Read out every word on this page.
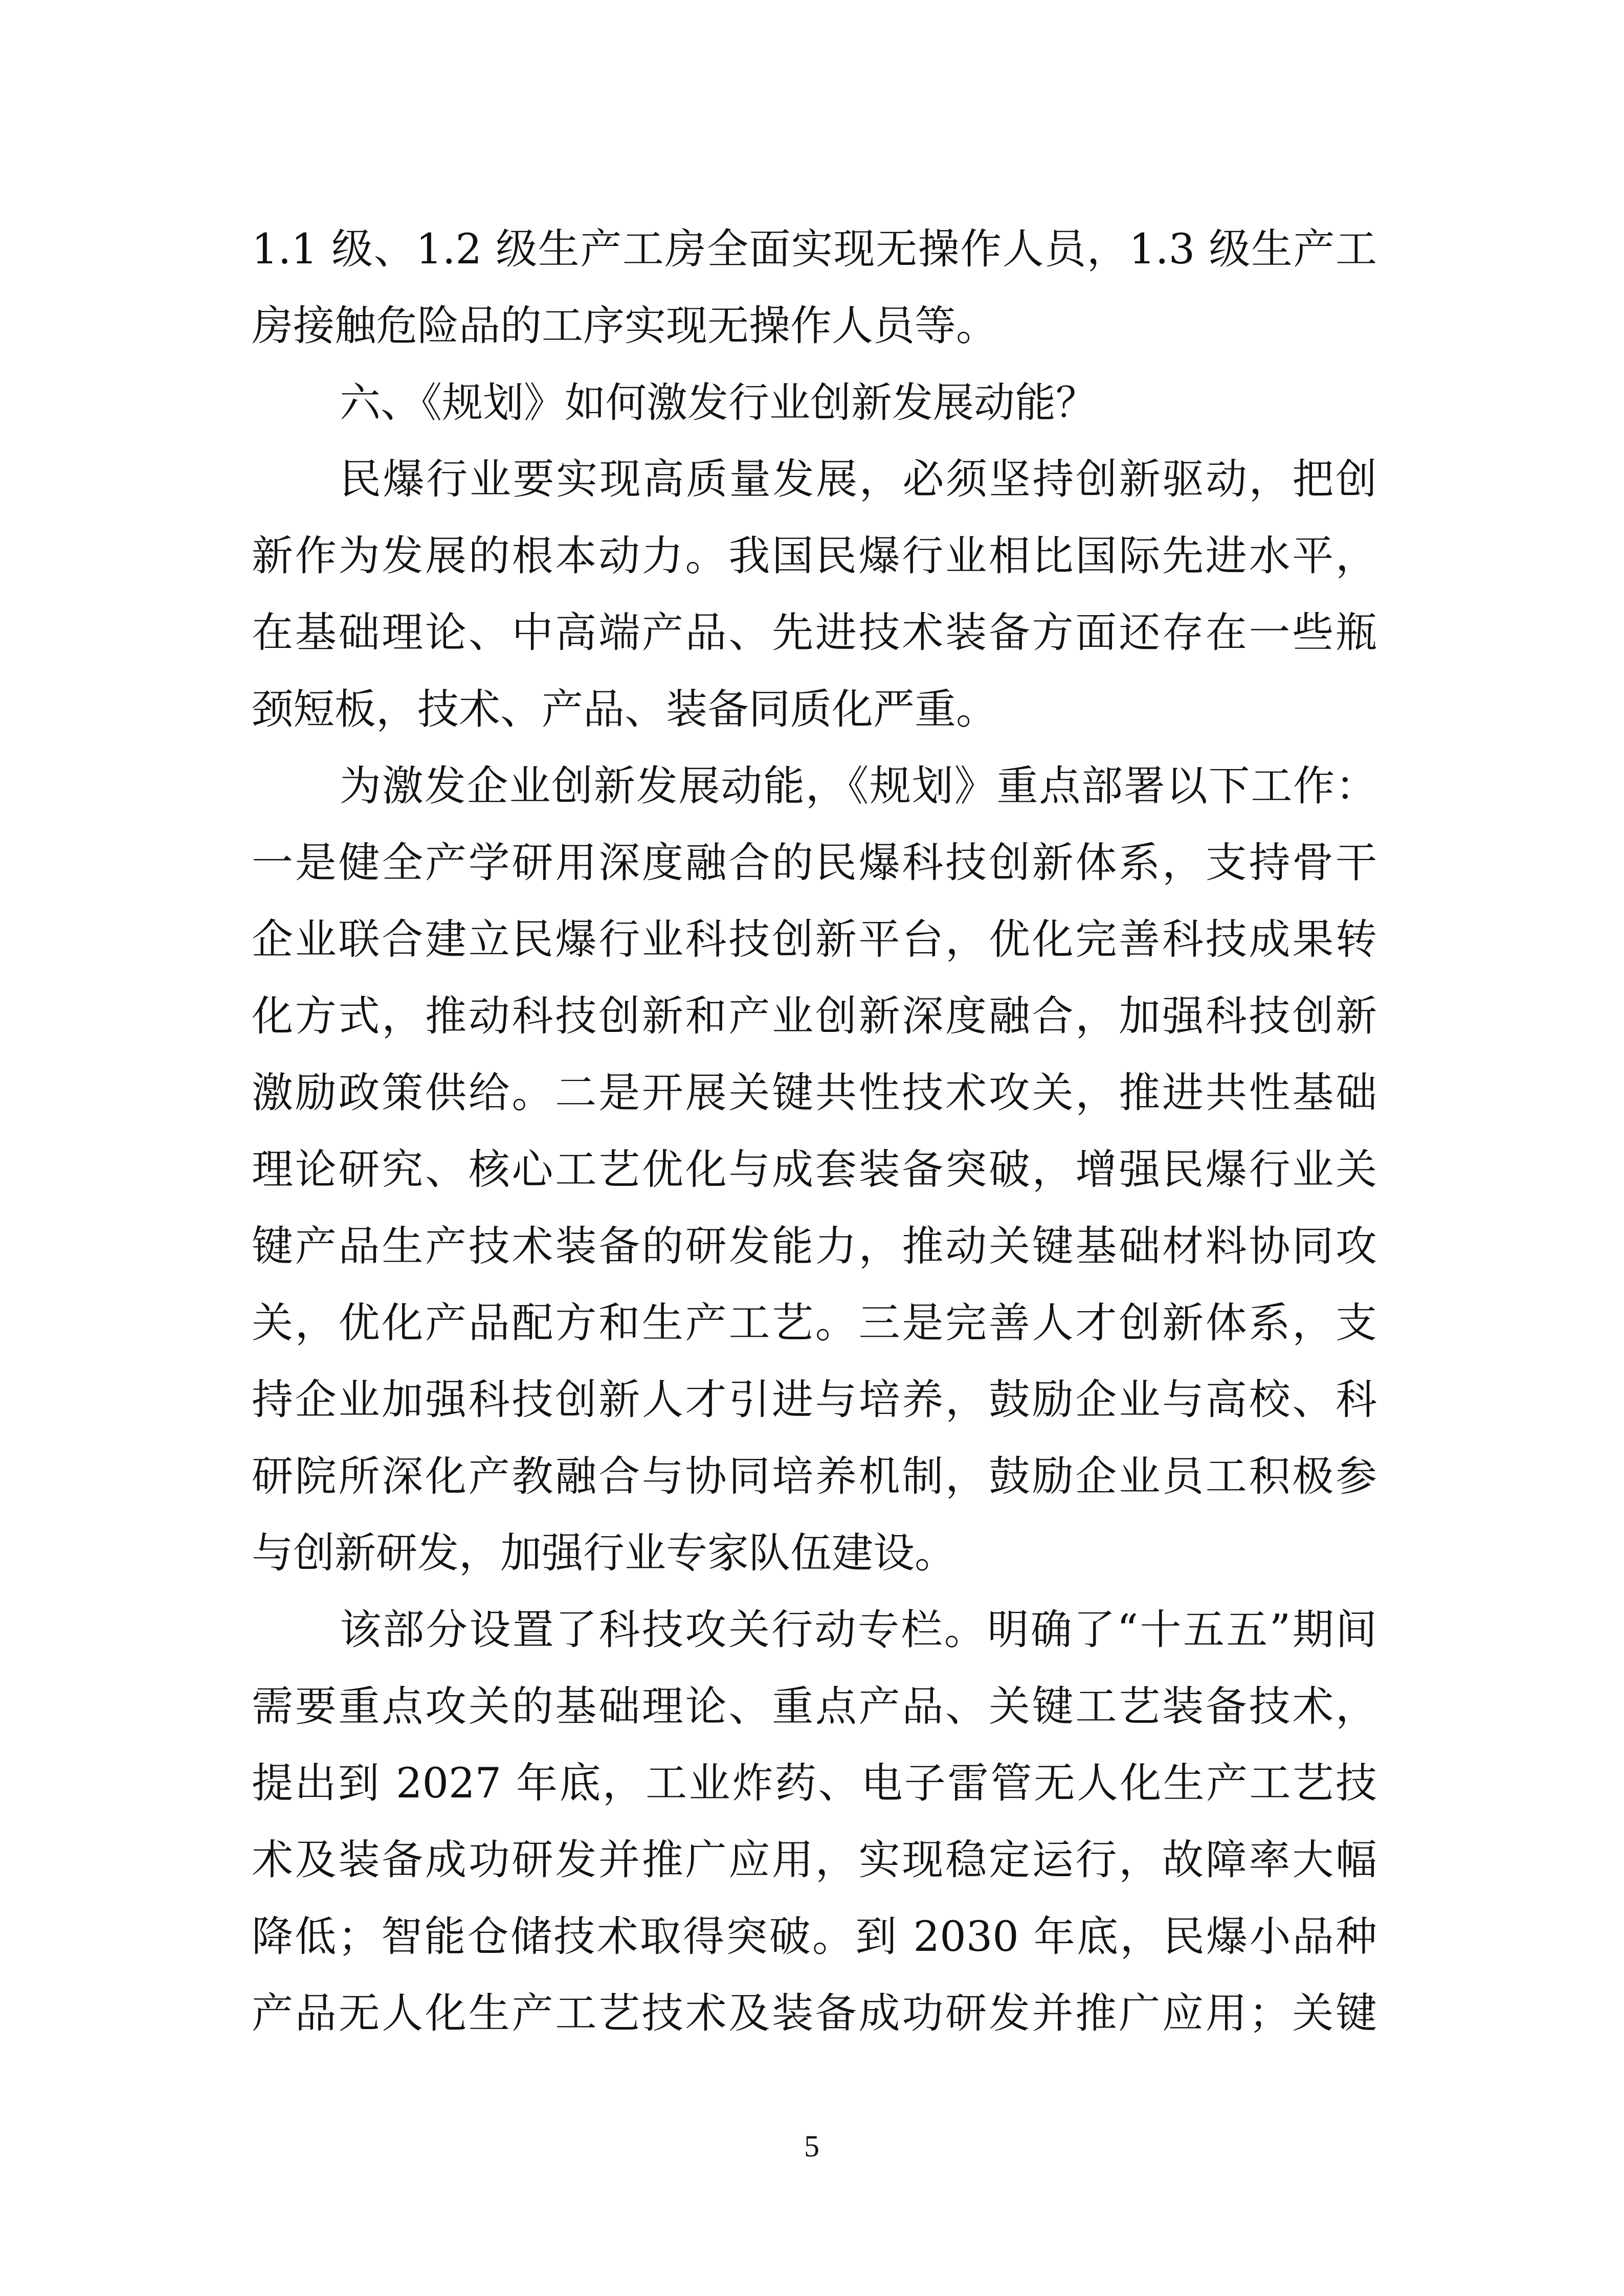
1.1 级、1.2 级生产工房全面实现无操作人员，1.3 级生产工
房接触危险品的工序实现无操作人员等。
六、《规划》如何激发行业创新发展动能？
民爆行业要实现高质量发展，必须坚持创新驱动，把创
新作为发展的根本动力。我国民爆行业相比国际先进水平，
在基础理论、中高端产品、先进技术装备方面还存在一些瓶
颈短板，技术、产品、装备同质化严重。
为激发企业创新发展动能，《规划》重点部署以下工作：
一是健全产学研用深度融合的民爆科技创新体系，支持骨干
企业联合建立民爆行业科技创新平台，优化完善科技成果转
化方式，推动科技创新和产业创新深度融合，加强科技创新
激励政策供给。二是开展关键共性技术攻关，推进共性基础
理论研究、核心工艺优化与成套装备突破，增强民爆行业关
键产品生产技术装备的研发能力，推动关键基础材料协同攻
关，优化产品配方和生产工艺。三是完善人才创新体系，支
持企业加强科技创新人才引进与培养，鼓励企业与高校、科
研院所深化产教融合与协同培养机制，鼓励企业员工积极参
与创新研发，加强行业专家队伍建设。
该部分设置了科技攻关行动专栏。明确了“十五五”期间
需要重点攻关的基础理论、重点产品、关键工艺装备技术，
提出到 2027 年底，工业炸药、电子雷管无人化生产工艺技
术及装备成功研发并推广应用，实现稳定运行，故障率大幅
降低；智能仓储技术取得突破。到 2030 年底，民爆小品种
产品无人化生产工艺技术及装备成功研发并推广应用；关键
5
